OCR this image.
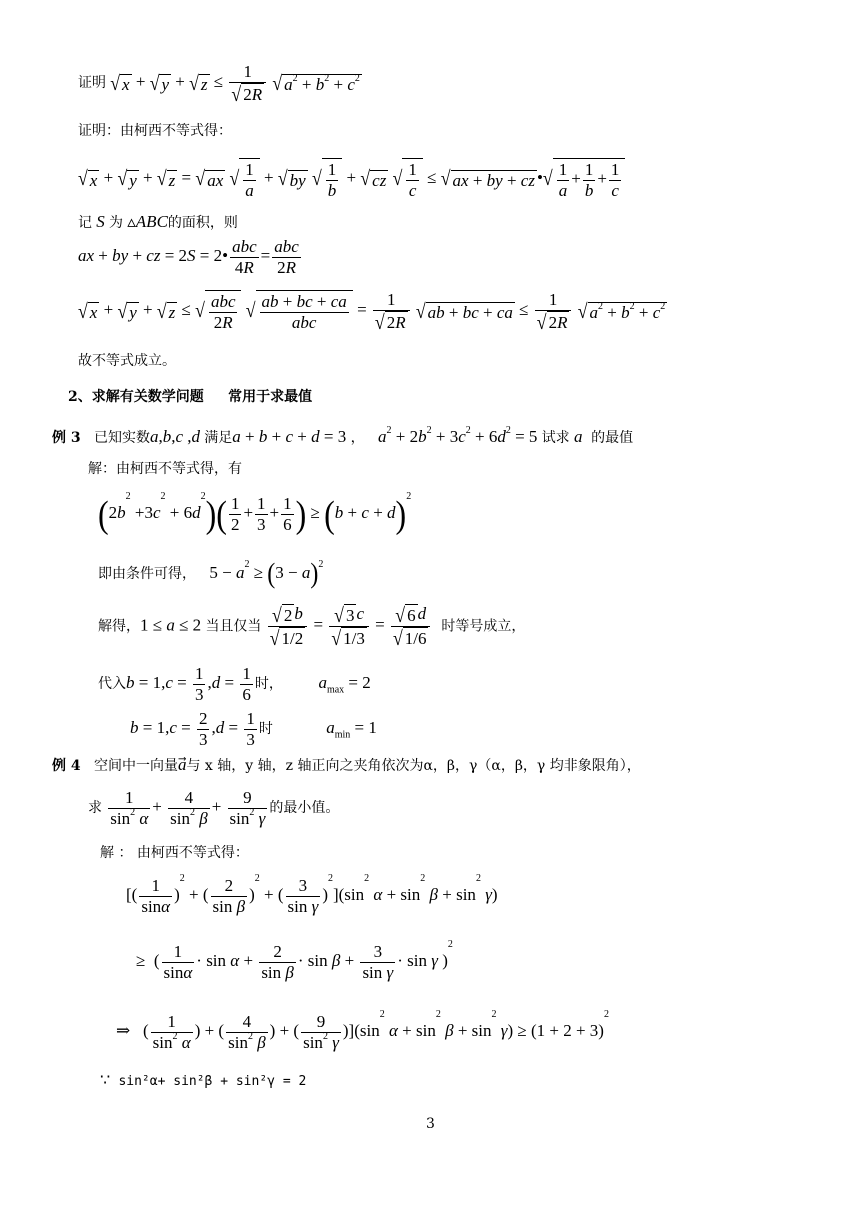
证明 √ x + √ y + √ $z \le \frac{1}{√ 2R}$ √ $a^2 + b^2 + c^2$
证明：由柯西不等式得：
√ x + √ y + √ z = √ ax √ $\frac{1}{a}$ + √ by √ $\frac{1}{b}$ + √ cz √ $\frac{1}{c}$ ≤ √ ax + by + cz •√ $\frac{1}{a} + \frac{1}{b} + \frac{1}{c}$
记 S 为 ▵ABC的面积，则
ax + by + cz = 2S = 2• $\frac{\text{abc}}{4R} = \frac{\text{abc}}{2R}$
√ x + √ y + √ z ≤ √ $\frac{\text{abc}}{2R}$ √ $\frac{ab + bc + ca}{\text{abc}} = \frac{1}{√ 2R}$ √ ab + bc + ca ≤ $\frac{1}{√ 2R}$ √ $a^2 + b^2 + c^2$
故不等式成立。
2、求解有关数学问题 常用于求最值
例 3 已知实数a,b,c ,d 满足a + b + c + d = 3 ，   $a^2 + 2b^2 + 3c^2 + 6d^2 = 5$ 试求 a  的最值
解：由柯西不等式得，有
$(2b^2 +3c^2 + 6d^2)( \frac{1}{2} + \frac{1}{3} + \frac{1}{6}$ ) ≥ $(b + c + d)^2$
即由条件可得， $5 - a^2 \ge (3 - a)^2$
解得，1 ≤ a ≤ 2 当且仅当 $\frac{√ 2 b}{√ 1/2} = \frac{√ 3 c}{√ 1/3} = \frac{√ 6 d}{√ 1/6}$ 时等号成立，
代入$b = 1,c = \frac{1}{3} ,d = \frac{1}{6}$ 时， $a_{max} = 2$
$b = 1,c = \frac{2}{3} ,d = \frac{1}{3}$ 时	$a_{min} = 1$
例 4 空间中一向量a与 x 轴，y 轴，z 轴正向之夹角依次为α，β，γ（α，β，γ 均非象限角），
求 $\frac{1}{\sin^2 \alpha} + \frac{4}{\sin^2 \beta} + \frac{9}{\sin^2 \gamma}$ 的最小值。
解 ： 由柯西不等式得：
[( $\frac{1}{\sin\alpha} )^2$ + ( $\frac{2}{\text{sin β}} )^2$ + ( $\frac{3}{\text{sin γ}} )^2](\sin^2$ $\alpha + \sin^2 \beta + \sin^2 \gamma$)
≥  ( $\frac{1}{\sin\alpha} \cdot \sin \alpha + \frac{2}{\text{sin β}} \cdot \sin \beta + \frac{3}{\text{sin γ}} \cdot \sin \gamma$ )$^2$
⇒   ( $\frac{1}{\sin^2 \alpha}$ ) + ( $\frac{4}{\sin^2 \beta}$ ) + ( $\frac{9}{\sin^2 \gamma} )](\sin^2$ $\alpha + \sin^2 \beta + \sin^2 \gamma) \ge (1 + 2 + 3)^2$
∵ sin²α+ sin²β + sin²γ = 2
3
